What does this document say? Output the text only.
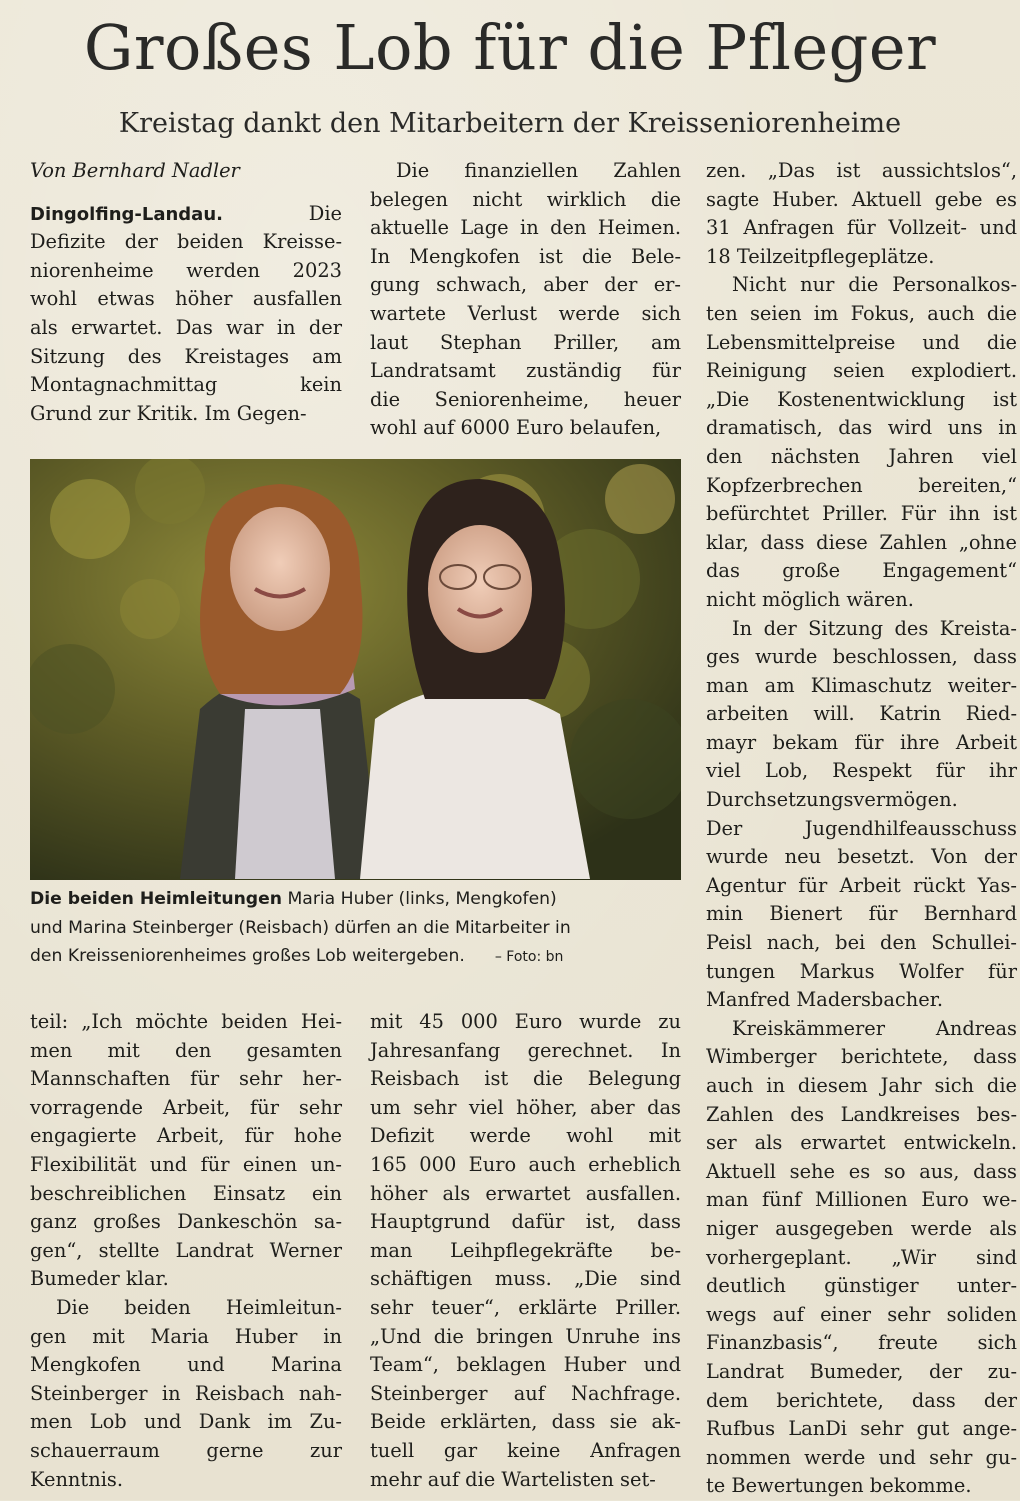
Großes Lob für die Pfleger
Kreistag dankt den Mitarbeitern der Kreisseniorenheime
Von Bernhard Nadler
Dingolfing-Landau. Die
Defizite der beiden Kreisse-
niorenheime werden 2023
wohl etwas höher ausfallen
als erwartet. Das war in der
Sitzung des Kreistages am
Montagnachmittag kein
Grund zur Kritik. Im Gegen-
Die finanziellen Zahlen
belegen nicht wirklich die
aktuelle Lage in den Heimen.
In Mengkofen ist die Bele-
gung schwach, aber der er-
wartete Verlust werde sich
laut Stephan Priller, am
Landratsamt zuständig für
die Seniorenheime, heuer
wohl auf 6000 Euro belaufen,
Die beiden Heimleitungen Maria Huber (links, Mengkofen)
und Marina Steinberger (Reisbach) dürfen an die Mitarbeiter in
den Kreisseniorenheimes großes Lob weitergeben. – Foto: bn
teil: „Ich möchte beiden Hei-
men mit den gesamten
Mannschaften für sehr her-
vorragende Arbeit, für sehr
engagierte Arbeit, für hohe
Flexibilität und für einen un-
beschreiblichen Einsatz ein
ganz großes Dankeschön sa-
gen“, stellte Landrat Werner
Bumeder klar.
Die beiden Heimleitun-
gen mit Maria Huber in
Mengkofen und Marina
Steinberger in Reisbach nah-
men Lob und Dank im Zu-
schauerraum gerne zur
Kenntnis.
mit 45 000 Euro wurde zu
Jahresanfang gerechnet. In
Reisbach ist die Belegung
um sehr viel höher, aber das
Defizit werde wohl mit
165 000 Euro auch erheblich
höher als erwartet ausfallen.
Hauptgrund dafür ist, dass
man Leihpflegekräfte be-
schäftigen muss. „Die sind
sehr teuer“, erklärte Priller.
„Und die bringen Unruhe ins
Team“, beklagen Huber und
Steinberger auf Nachfrage.
Beide erklärten, dass sie ak-
tuell gar keine Anfragen
mehr auf die Wartelisten set-
zen. „Das ist aussichtslos“,
sagte Huber. Aktuell gebe es
31 Anfragen für Vollzeit- und
18 Teilzeitpflegeplätze.
Nicht nur die Personalkos-
ten seien im Fokus, auch die
Lebensmittelpreise und die
Reinigung seien explodiert.
„Die Kostenentwicklung ist
dramatisch, das wird uns in
den nächsten Jahren viel
Kopfzerbrechen bereiten,“
befürchtet Priller. Für ihn ist
klar, dass diese Zahlen „ohne
das große Engagement“
nicht möglich wären.
In der Sitzung des Kreista-
ges wurde beschlossen, dass
man am Klimaschutz weiter-
arbeiten will. Katrin Ried-
mayr bekam für ihre Arbeit
viel Lob, Respekt für ihr
Durchsetzungsvermögen.
Der Jugendhilfeausschuss
wurde neu besetzt. Von der
Agentur für Arbeit rückt Yas-
min Bienert für Bernhard
Peisl nach, bei den Schullei-
tungen Markus Wolfer für
Manfred Madersbacher.
Kreiskämmerer Andreas
Wimberger berichtete, dass
auch in diesem Jahr sich die
Zahlen des Landkreises bes-
ser als erwartet entwickeln.
Aktuell sehe es so aus, dass
man fünf Millionen Euro we-
niger ausgegeben werde als
vorhergeplant. „Wir sind
deutlich günstiger unter-
wegs auf einer sehr soliden
Finanzbasis“, freute sich
Landrat Bumeder, der zu-
dem berichtete, dass der
Rufbus LanDi sehr gut ange-
nommen werde und sehr gu-
te Bewertungen bekomme.
